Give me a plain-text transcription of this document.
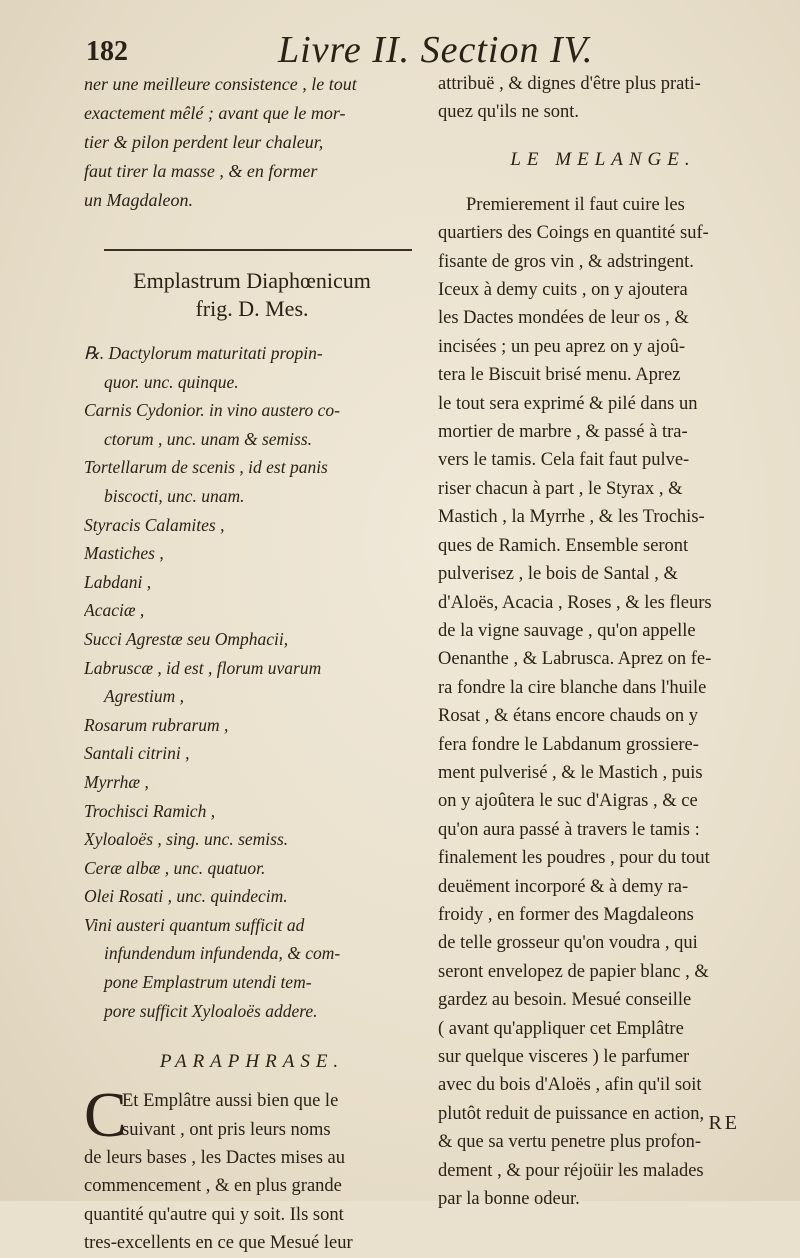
182	Livre II. Section IV.
ner une meilleure consistence , le tout
exactement mêlé ; avant que le mor-
tier & pilon perdent leur chaleur,
faut tirer la masse , & en former
un Magdaleon.
Emplastrum Diaphœnicum
frig. D. Mes.
℞. Dactylorum maturitati propin-
quor. unc. quinque.
Carnis Cydonior. in vino austero co-
ctorum , unc. unam & semiss.
Tortellarum de scenis , id est panis
biscocti, unc. unam.
Styracis Calamites ,
Mastiches ,
Labdani ,
Acaciæ ,
Succi Agrestæ seu Omphacii,
Labruscæ , id est , florum uvarum
Agrestium ,
Rosarum rubrarum ,
Santali citrini ,
Myrrhæ ,
Trochisci Ramich ,
Xyloaloës , sing. unc. semiss.
Ceræ albæ , unc. quatuor.
Olei Rosati , unc. quindecim.
Vini austeri quantum sufficit ad
infundendum infundenda, & com-
pone Emplastrum utendi tem-
pore sufficit Xyloaloës addere.
PARAPHRASE.
C
Et Emplâtre aussi bien que le
suivant , ont pris leurs noms
de leurs bases , les Dactes mises au
commencement , & en plus grande
quantité qu'autre qui y soit. Ils sont
tres-excellents en ce que Mesué leur
attribuë , & dignes d'être plus prati-
quez qu'ils ne sont.
LE MELANGE.
Premierement il faut cuire les
quartiers des Coings en quantité suf-
fisante de gros vin , & adstringent.
Iceux à demy cuits , on y ajoutera
les Dactes mondées de leur os , &
incisées ; un peu aprez on y ajoû-
tera le Biscuit brisé menu. Aprez
le tout sera exprimé & pilé dans un
mortier de marbre , & passé à tra-
vers le tamis. Cela fait faut pulve-
riser chacun à part , le Styrax , &
Mastich , la Myrrhe , & les Trochis-
ques de Ramich. Ensemble seront
pulverisez , le bois de Santal , &
d'Aloës, Acacia , Roses , & les fleurs
de la vigne sauvage , qu'on appelle
Oenanthe , & Labrusca. Aprez on fe-
ra fondre la cire blanche dans l'huile
Rosat , & étans encore chauds on y
fera fondre le Labdanum grossiere-
ment pulverisé , & le Mastich , puis
on y ajoûtera le suc d'Aigras , & ce
qu'on aura passé à travers le tamis :
finalement les poudres , pour du tout
deuëment incorporé & à demy ra-
froidy , en former des Magdaleons
de telle grosseur qu'on voudra , qui
seront envelopez de papier blanc , &
gardez au besoin. Mesué conseille
( avant qu'appliquer cet Emplâtre
sur quelque visceres ) le parfumer
avec du bois d'Aloës , afin qu'il soit
plutôt reduit de puissance en action,
& que sa vertu penetre plus profon-
dement , & pour réjoüir les malades
par la bonne odeur.
RE
